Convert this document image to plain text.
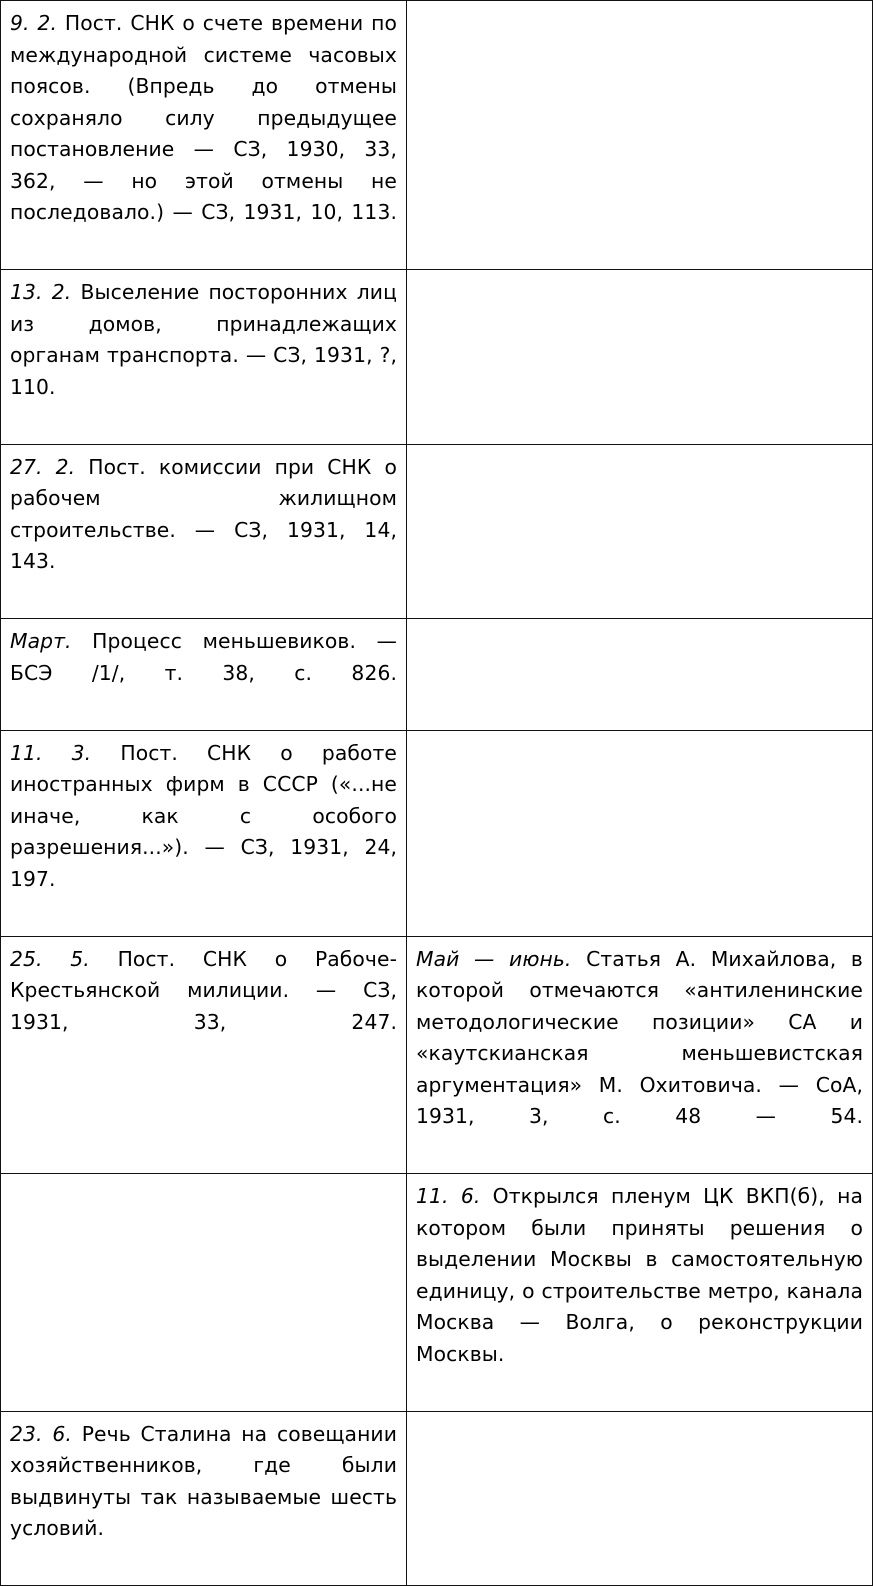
9. 2. Пост. СНК о счете времени по международной системе часовых поясов. (Впредь до отмены сохраняло силу предыдущее постановление — СЗ, 1930, 33, 362, — но этой отмены не последовало.) — СЗ, 1931, 10, 113.	

13. 2. Выселение посторонних лиц из домов, принадлежащих органам транспорта. — СЗ, 1931, ?, 110.	

27. 2. Пост. комиссии при СНК о рабочем жилищном строительстве. — СЗ, 1931, 14, 143.	

Март. Процесс меньшевиков. — БСЭ /1/, т. 38, с. 826.	

11. 3. Пост. СНК о работе иностранных фирм в СССР («...не иначе, как с особого разрешения...»). — СЗ, 1931, 24, 197.	

25. 5. Пост. СНК о Рабоче-Крестьянской милиции. — СЗ, 1931, 33, 247.	Май — июнь. Статья А. Михайлова, в которой отмечаются «антиленинские методологические позиции» СА и «каутскианская меньшевистская аргументация» М. Охитовича. — СоА, 1931, 3, с. 48 — 54.

	11. 6. Открылся пленум ЦК ВКП(б), на котором были приняты решения о выделении Москвы в самостоятельную единицу, о строительстве метро, канала Москва — Волга, о реконструкции Москвы.

23. 6. Речь Сталина на совещании хозяйственников, где были выдвинуты так называемые шесть условий.	
